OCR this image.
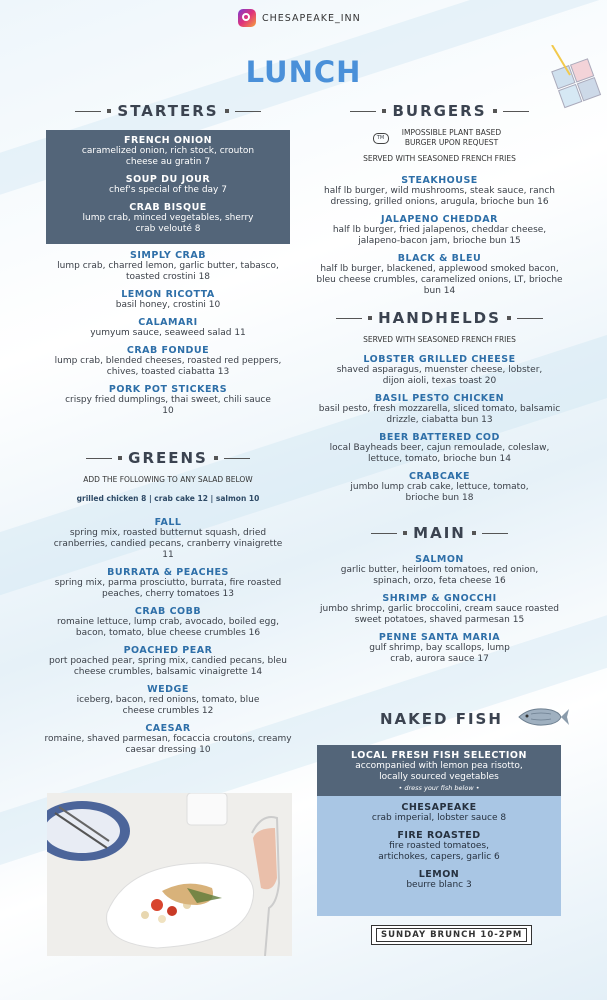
CHESAPEAKE_INN
LUNCH
STARTERS
FRENCH ONION
caramelized onion, rich stock, crouton cheese au gratin 7
SOUP DU JOUR
chef's special of the day 7
CRAB BISQUE
lump crab, minced vegetables, sherry crab velouté 8
SIMPLY CRAB
lump crab, charred lemon, garlic butter, tabasco, toasted crostini 18
LEMON RICOTTA
basil honey, crostini 10
CALAMARI
yumyum sauce, seaweed salad 11
CRAB FONDUE
lump crab, blended cheeses, roasted red peppers, chives, toasted ciabatta 13
PORK POT STICKERS
crispy fried dumplings, thai sweet, chili sauce 10
GREENS
ADD THE FOLLOWING TO ANY SALAD BELOW
grilled chicken 8 | crab cake 12 | salmon 10
FALL
spring mix, roasted butternut squash, dried cranberries, candied pecans, cranberry vinaigrette 11
BURRATA & PEACHES
spring mix, parma prosciutto, burrata, fire roasted peaches, cherry tomatoes 13
CRAB COBB
romaine lettuce, lump crab, avocado, boiled egg, bacon, tomato, blue cheese crumbles 16
POACHED PEAR
port poached pear, spring mix, candied pecans, bleu cheese crumbles, balsamic vinaigrette 14
WEDGE
iceberg, bacon, red onions, tomato, blue cheese crumbles 12
CAESAR
romaine, shaved parmesan, focaccia croutons, creamy caesar dressing 10
BURGERS
TM
IMPOSSIBLE PLANT BASED BURGER UPON REQUEST
SERVED WITH SEASONED FRENCH FRIES
STEAKHOUSE
half lb burger, wild mushrooms, steak sauce, ranch dressing, grilled onions, arugula, brioche bun 16
JALAPENO CHEDDAR
half lb burger, fried jalapenos, cheddar cheese, jalapeno-bacon jam, brioche bun 15
BLACK & BLEU
half lb burger, blackened, applewood smoked bacon, bleu cheese crumbles, caramelized onions, LT, brioche bun 14
HANDHELDS
SERVED WITH SEASONED FRENCH FRIES
LOBSTER GRILLED CHEESE
shaved asparagus, muenster cheese, lobster, dijon aioli, texas toast 20
BASIL PESTO CHICKEN
basil pesto, fresh mozzarella, sliced tomato, balsamic drizzle, ciabatta bun 13
BEER BATTERED COD
local Bayheads beer, cajun remoulade, coleslaw, lettuce, tomato, brioche bun 14
CRABCAKE
jumbo lump crab cake, lettuce, tomato, brioche bun 18
MAIN
SALMON
garlic butter, heirloom tomatoes, red onion, spinach, orzo, feta cheese 16
SHRIMP & GNOCCHI
jumbo shrimp, garlic broccolini, cream sauce roasted sweet potatoes, shaved parmesan 15
PENNE SANTA MARIA
gulf shrimp, bay scallops, lump crab, aurora sauce 17
NAKED FISH
LOCAL FRESH FISH SELECTION
accompanied with lemon pea risotto, locally sourced vegetables
• dress your fish below •
CHESAPEAKE
crab imperial, lobster sauce 8
FIRE ROASTED
fire roasted tomatoes, artichokes, capers, garlic 6
LEMON
beurre blanc 3
SUNDAY BRUNCH 10-2PM
